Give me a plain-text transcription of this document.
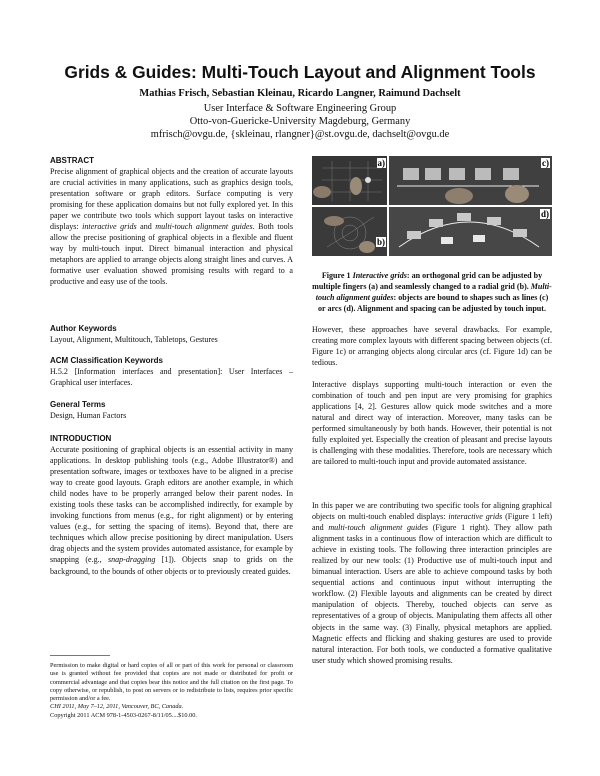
Grids & Guides: Multi-Touch Layout and Alignment Tools
Mathias Frisch, Sebastian Kleinau, Ricardo Langner, Raimund Dachselt
User Interface & Software Engineering Group
Otto-von-Guericke-University Magdeburg, Germany
mfrisch@ovgu.de, {skleinau, rlangner}@st.ovgu.de, dachselt@ovgu.de
ABSTRACT
Precise alignment of graphical objects and the creation of accurate layouts are crucial activities in many applications, such as graphics design tools, presentation software or graph editors. Surface computing is very promising for these application domains but not fully explored yet. In this paper we contribute two tools which support layout tasks on interactive displays: interactive grids and multi-touch alignment guides. Both tools allow the precise positioning of graphical objects in a flexible and fluent way by multi-touch input. Direct bimanual interaction and physical metaphors are applied to arrange objects along straight lines and curves. A formative user evaluation showed promising results with regard to a productive and easy use of the tools.
Author Keywords
Layout, Alignment, Multitouch, Tabletops, Gestures
ACM Classification Keywords
H.5.2 [Information interfaces and presentation]: User Interfaces – Graphical user interfaces.
General Terms
Design, Human Factors
INTRODUCTION
Accurate positioning of graphical objects is an essential activity in many applications. In desktop publishing tools (e.g., Adobe Illustrator®) and presentation software, images or textboxes have to be aligned in a precise way to create good layouts. Graph editors are another example, in which child nodes have to be properly arranged below their parent nodes. In existing tools these tasks can be accomplished indirectly, for example by invoking functions from menus (e.g., for right alignment) or by entering values (e.g., for setting the spacing of items). Beyond that, there are techniques which allow precise positioning by direct manipulation. Users drag objects and the system provides automated assistance, for example by snapping (e.g., snap-dragging [1]). Objects snap to grids on the background, to the bounds of other objects or to previously created guides.
Permission to make digital or hard copies of all or part of this work for personal or classroom use is granted without fee provided that copies are not made or distributed for profit or commercial advantage and that copies bear this notice and the full citation on the first page. To copy otherwise, or republish, to post on servers or to redistribute to lists, requires prior specific permission and/or a fee.
CHI 2011, May 7–12, 2011, Vancouver, BC, Canada.
Copyright 2011 ACM 978-1-4503-0267-8/11/05....$10.00.
a)
b)
c)
d)
Figure 1 Interactive grids: an orthogonal grid can be adjusted by multiple fingers (a) and seamlessly changed to a radial grid (b). Multi-touch alignment guides: objects are bound to shapes such as lines (c) or arcs (d). Alignment and spacing can be adjusted by touch input.
However, these approaches have several drawbacks. For example, creating more complex layouts with different spacing between objects (cf. Figure 1c) or arranging objects along circular arcs (cf. Figure 1d) can be tedious.
Interactive displays supporting multi-touch interaction or even the combination of touch and pen input are very promising for graphics applications [4, 2]. Gestures allow quick mode switches and a more natural and direct way of interaction. Moreover, many tasks can be performed simultaneously by both hands. However, their potential is not fully exploited yet. Especially the creation of pleasant and precise layouts is challenging with these modalities. Therefore, tools are necessary which are tailored to multi-touch input and provide automated assistance.
In this paper we are contributing two specific tools for aligning graphical objects on multi-touch enabled displays: interactive grids (Figure 1 left) and multi-touch alignment guides (Figure 1 right). They allow path alignment tasks in a continuous flow of interaction which are difficult to achieve in existing tools. The following three interaction principles are realized by our new tools: (1) Productive use of multi-touch input and bimanual interaction. Users are able to achieve compound tasks by both sequential actions and continuous input without interrupting the workflow. (2) Flexible layouts and alignments can be created by direct manipulation of objects. Thereby, touched objects can serve as representatives of a group of objects. Manipulating them affects all other objects in the same way. (3) Finally, physical metaphors are applied. Magnetic effects and flicking and shaking gestures are used to provide natural interaction. For both tools, we conducted a formative qualitative user study which showed promising results.
